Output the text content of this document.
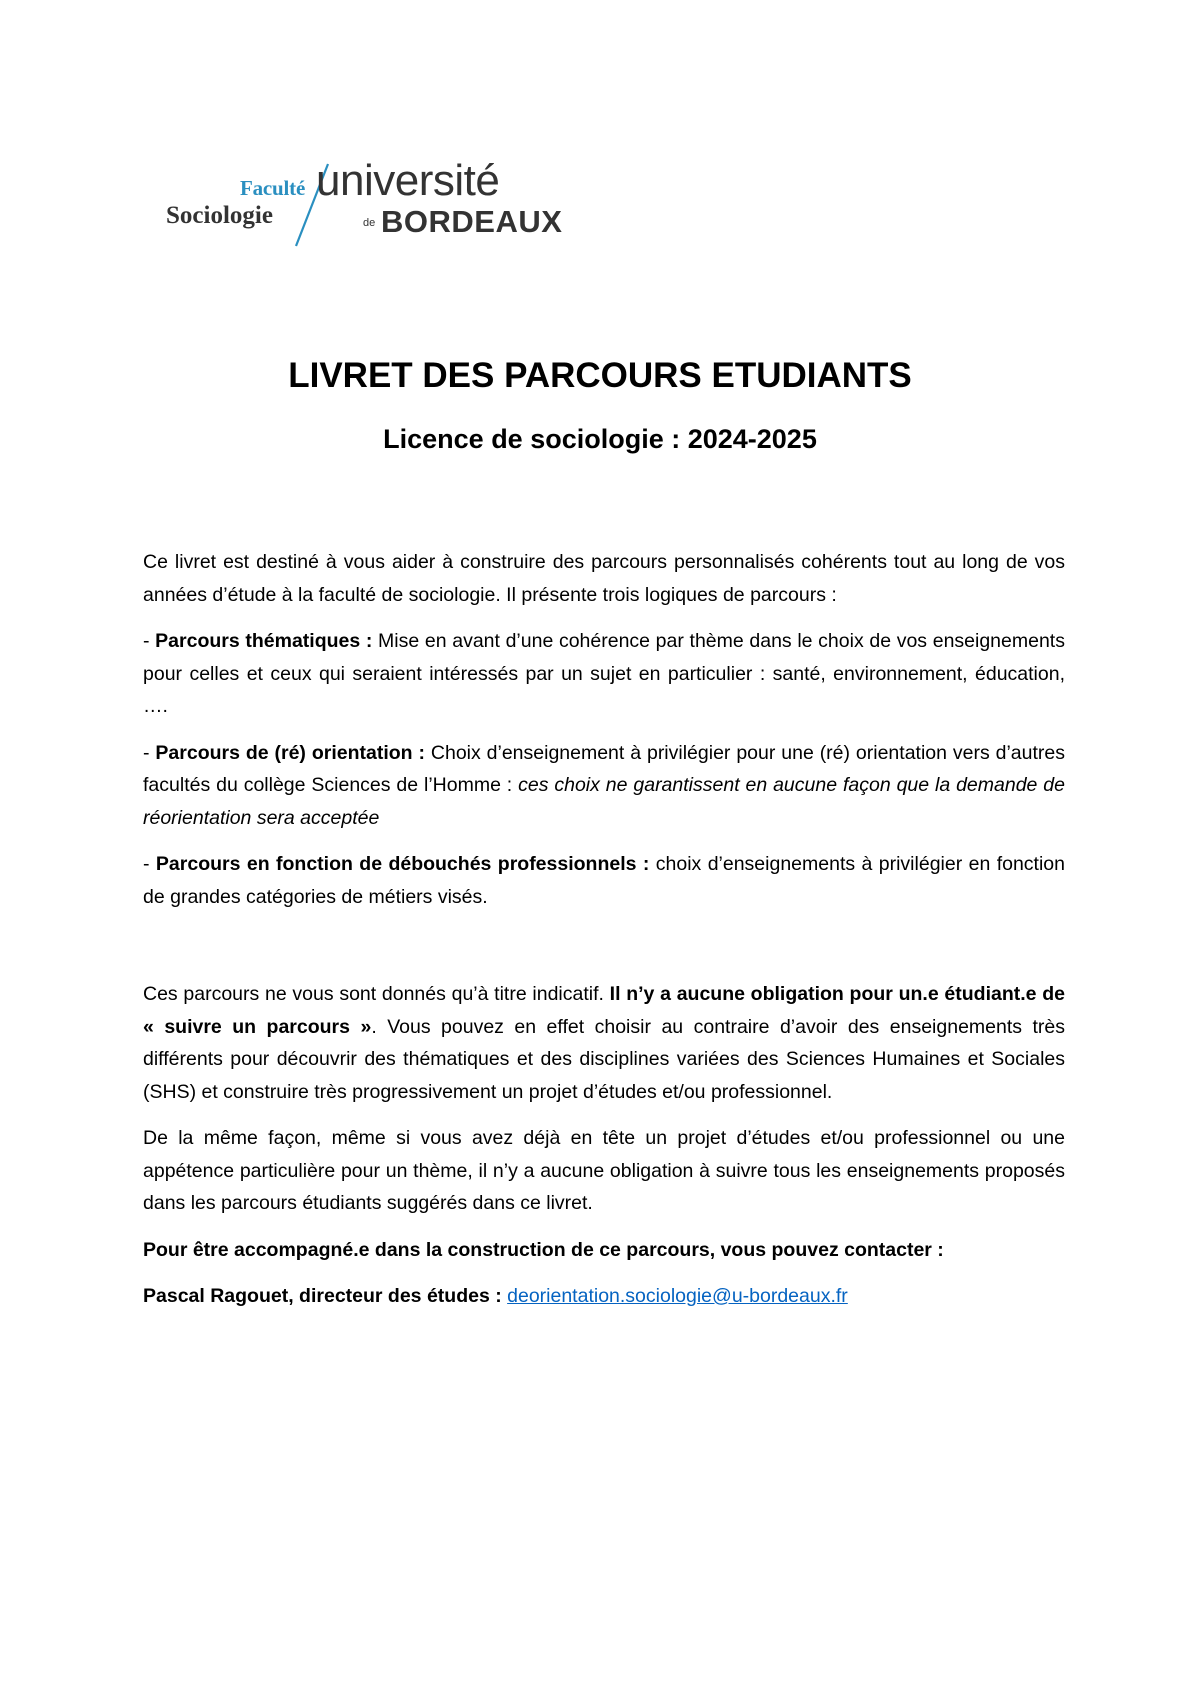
Faculté
Sociologie
université
de BORDEAUX
LIVRET DES PARCOURS ETUDIANTS
Licence de sociologie : 2024-2025

Ce livret est destiné à vous aider à construire des parcours personnalisés cohérents tout au long de vos années d’étude à la faculté de sociologie. Il présente trois logiques de parcours :

- Parcours thématiques : Mise en avant d’une cohérence par thème dans le choix de vos enseignements pour celles et ceux qui seraient intéressés par un sujet en particulier : santé, environnement, éducation, ….

- Parcours de (ré) orientation : Choix d’enseignement à privilégier pour une (ré) orientation vers d’autres facultés du collège Sciences de l’Homme : ces choix ne garantissent en aucune façon que la demande de réorientation sera acceptée

- Parcours en fonction de débouchés professionnels : choix d’enseignements à privilégier en fonction de grandes catégories de métiers visés.

Ces parcours ne vous sont donnés qu’à titre indicatif. Il n’y a aucune obligation pour un.e étudiant.e de « suivre un parcours ». Vous pouvez en effet choisir au contraire d’avoir des enseignements très différents pour découvrir des thématiques et des disciplines variées des Sciences Humaines et Sociales (SHS) et construire très progressivement un projet d’études et/ou professionnel.

De la même façon, même si vous avez déjà en tête un projet d’études et/ou professionnel ou une appétence particulière pour un thème, il n’y a aucune obligation à suivre tous les enseignements proposés dans les parcours étudiants suggérés dans ce livret.

Pour être accompagné.e dans la construction de ce parcours, vous pouvez contacter :

Pascal Ragouet, directeur des études : deorientation.sociologie@u-bordeaux.fr
